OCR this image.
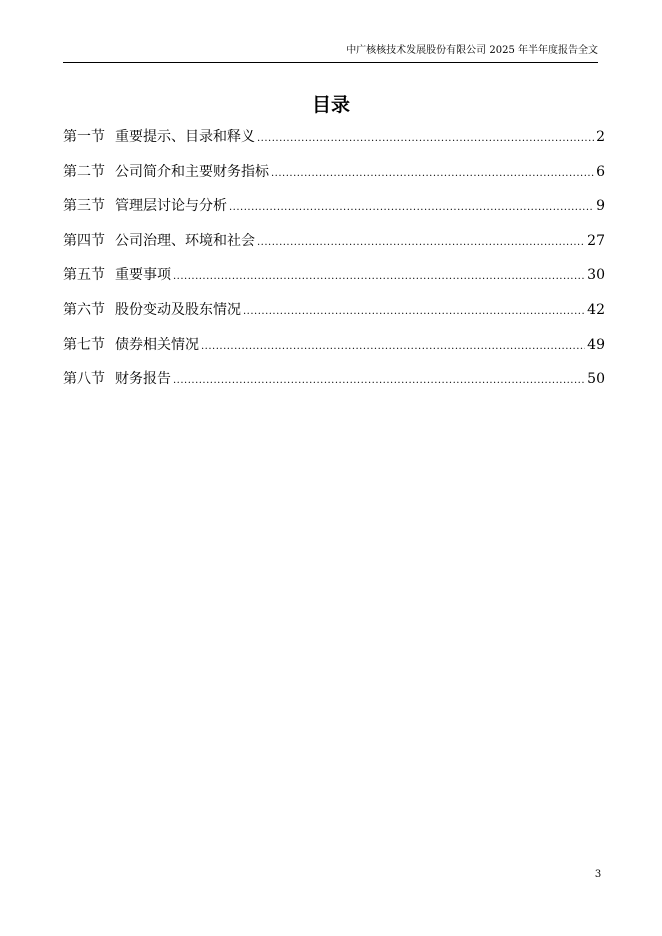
中广核核技术发展股份有限公司 2025 年半年度报告全文
目录
第一节 重要提示、目录和释义 .....	2
第二节 公司简介和主要财务指标 .....	6
第三节 管理层讨论与分析 .....	9
第四节 公司治理、环境和社会 .....	27
第五节 重要事项 .....	30
第六节 股份变动及股东情况 .....	42
第七节 债券相关情况 .....	49
第八节 财务报告 .....	50
3
